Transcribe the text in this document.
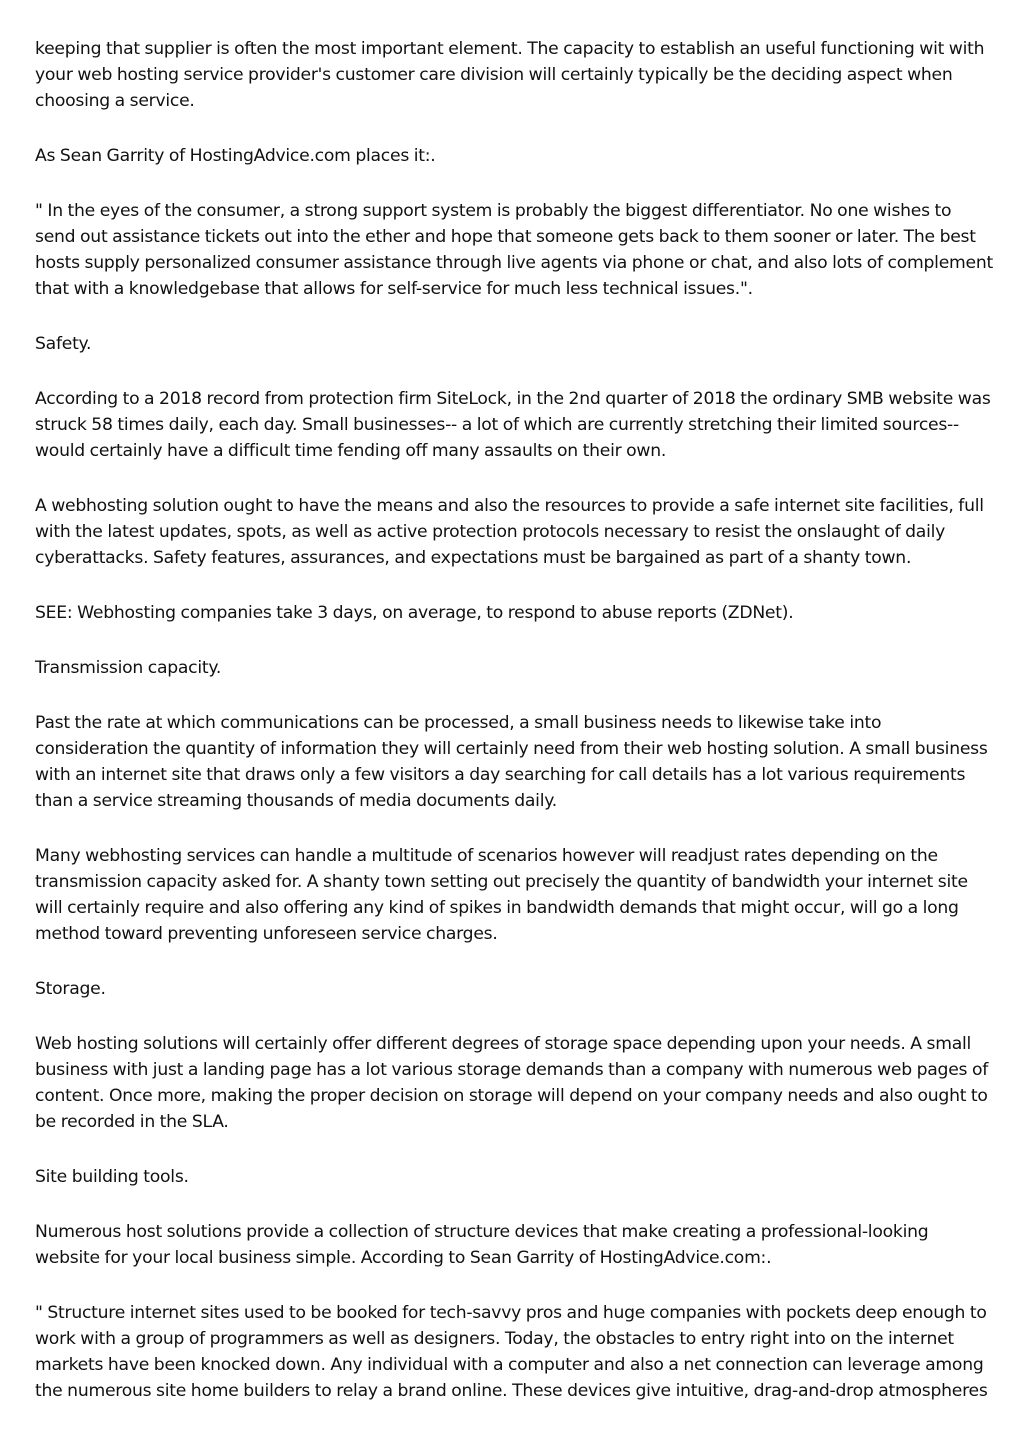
keeping that supplier is often the most important element. The capacity to establish an useful functioning wit with your web hosting service provider's customer care division will certainly typically be the deciding aspect when choosing a service.

As Sean Garrity of HostingAdvice.com places it:.

" In the eyes of the consumer, a strong support system is probably the biggest differentiator. No one wishes to send out assistance tickets out into the ether and hope that someone gets back to them sooner or later. The best hosts supply personalized consumer assistance through live agents via phone or chat, and also lots of complement that with a knowledgebase that allows for self-service for much less technical issues.".

Safety.

According to a 2018 record from protection firm SiteLock, in the 2nd quarter of 2018 the ordinary SMB website was struck 58 times daily, each day. Small businesses-- a lot of which are currently stretching their limited sources-- would certainly have a difficult time fending off many assaults on their own.

A webhosting solution ought to have the means and also the resources to provide a safe internet site facilities, full with the latest updates, spots, as well as active protection protocols necessary to resist the onslaught of daily cyberattacks. Safety features, assurances, and expectations must be bargained as part of a shanty town.

SEE: Webhosting companies take 3 days, on average, to respond to abuse reports (ZDNet).

Transmission capacity.

Past the rate at which communications can be processed, a small business needs to likewise take into consideration the quantity of information they will certainly need from their web hosting solution. A small business with an internet site that draws only a few visitors a day searching for call details has a lot various requirements than a service streaming thousands of media documents daily.

Many webhosting services can handle a multitude of scenarios however will readjust rates depending on the transmission capacity asked for. A shanty town setting out precisely the quantity of bandwidth your internet site will certainly require and also offering any kind of spikes in bandwidth demands that might occur, will go a long method toward preventing unforeseen service charges.

Storage.

Web hosting solutions will certainly offer different degrees of storage space depending upon your needs. A small business with just a landing page has a lot various storage demands than a company with numerous web pages of content. Once more, making the proper decision on storage will depend on your company needs and also ought to be recorded in the SLA.

Site building tools.

Numerous host solutions provide a collection of structure devices that make creating a professional-looking website for your local business simple. According to Sean Garrity of HostingAdvice.com:.

" Structure internet sites used to be booked for tech-savvy pros and huge companies with pockets deep enough to work with a group of programmers as well as designers. Today, the obstacles to entry right into on the internet markets have been knocked down. Any individual with a computer and also a net connection can leverage among the numerous site home builders to relay a brand online. These devices give intuitive, drag-and-drop atmospheres
